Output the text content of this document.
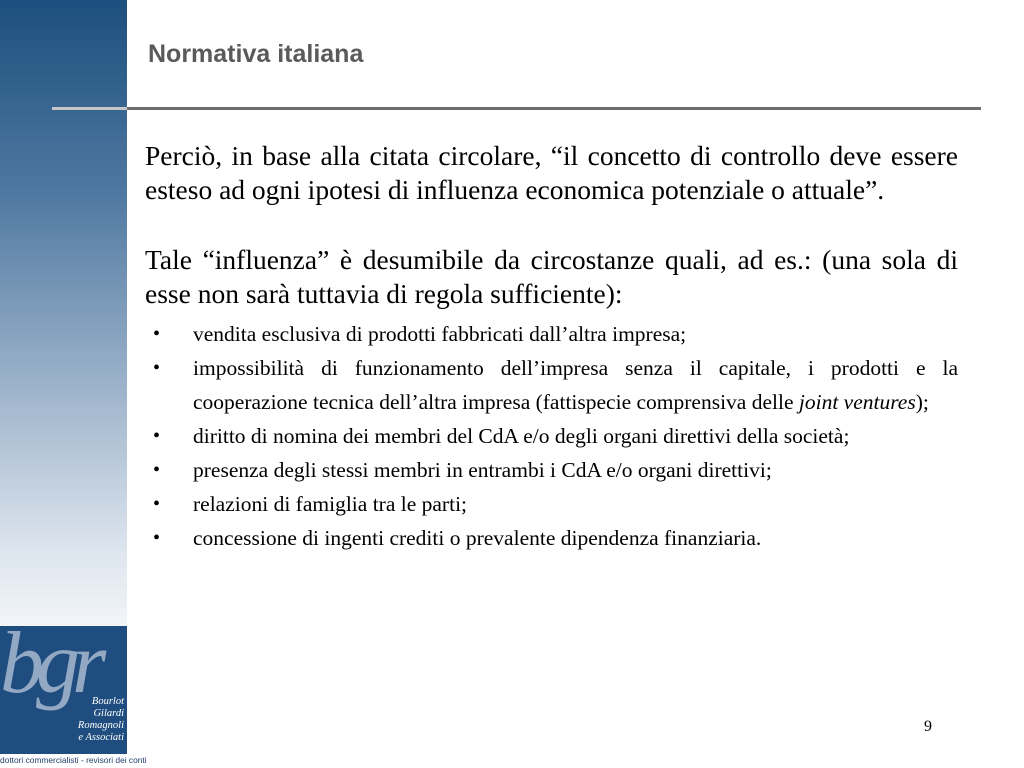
bgr
Bourlot
Gilardi
Romagnoli
e Associati
dottori commercialisti - revisori dei conti
Normativa italiana

Perciò, in base alla citata circolare, “il concetto di controllo deve essere esteso ad ogni ipotesi di influenza economica potenziale o attuale”.

Tale “influenza” è desumibile da circostanze quali, ad es.: (una sola di esse non sarà tuttavia di regola sufficiente):

• vendita esclusiva di prodotti fabbricati dall’altra impresa;
• impossibilità di funzionamento dell’impresa senza il capitale, i prodotti e la cooperazione tecnica dell’altra impresa (fattispecie comprensiva delle joint ventures);
• diritto di nomina dei membri del CdA e/o degli organi direttivi della società;
• presenza degli stessi membri in entrambi i CdA e/o organi direttivi;
• relazioni di famiglia tra le parti;
• concessione di ingenti crediti o prevalente dipendenza finanziaria.
9
